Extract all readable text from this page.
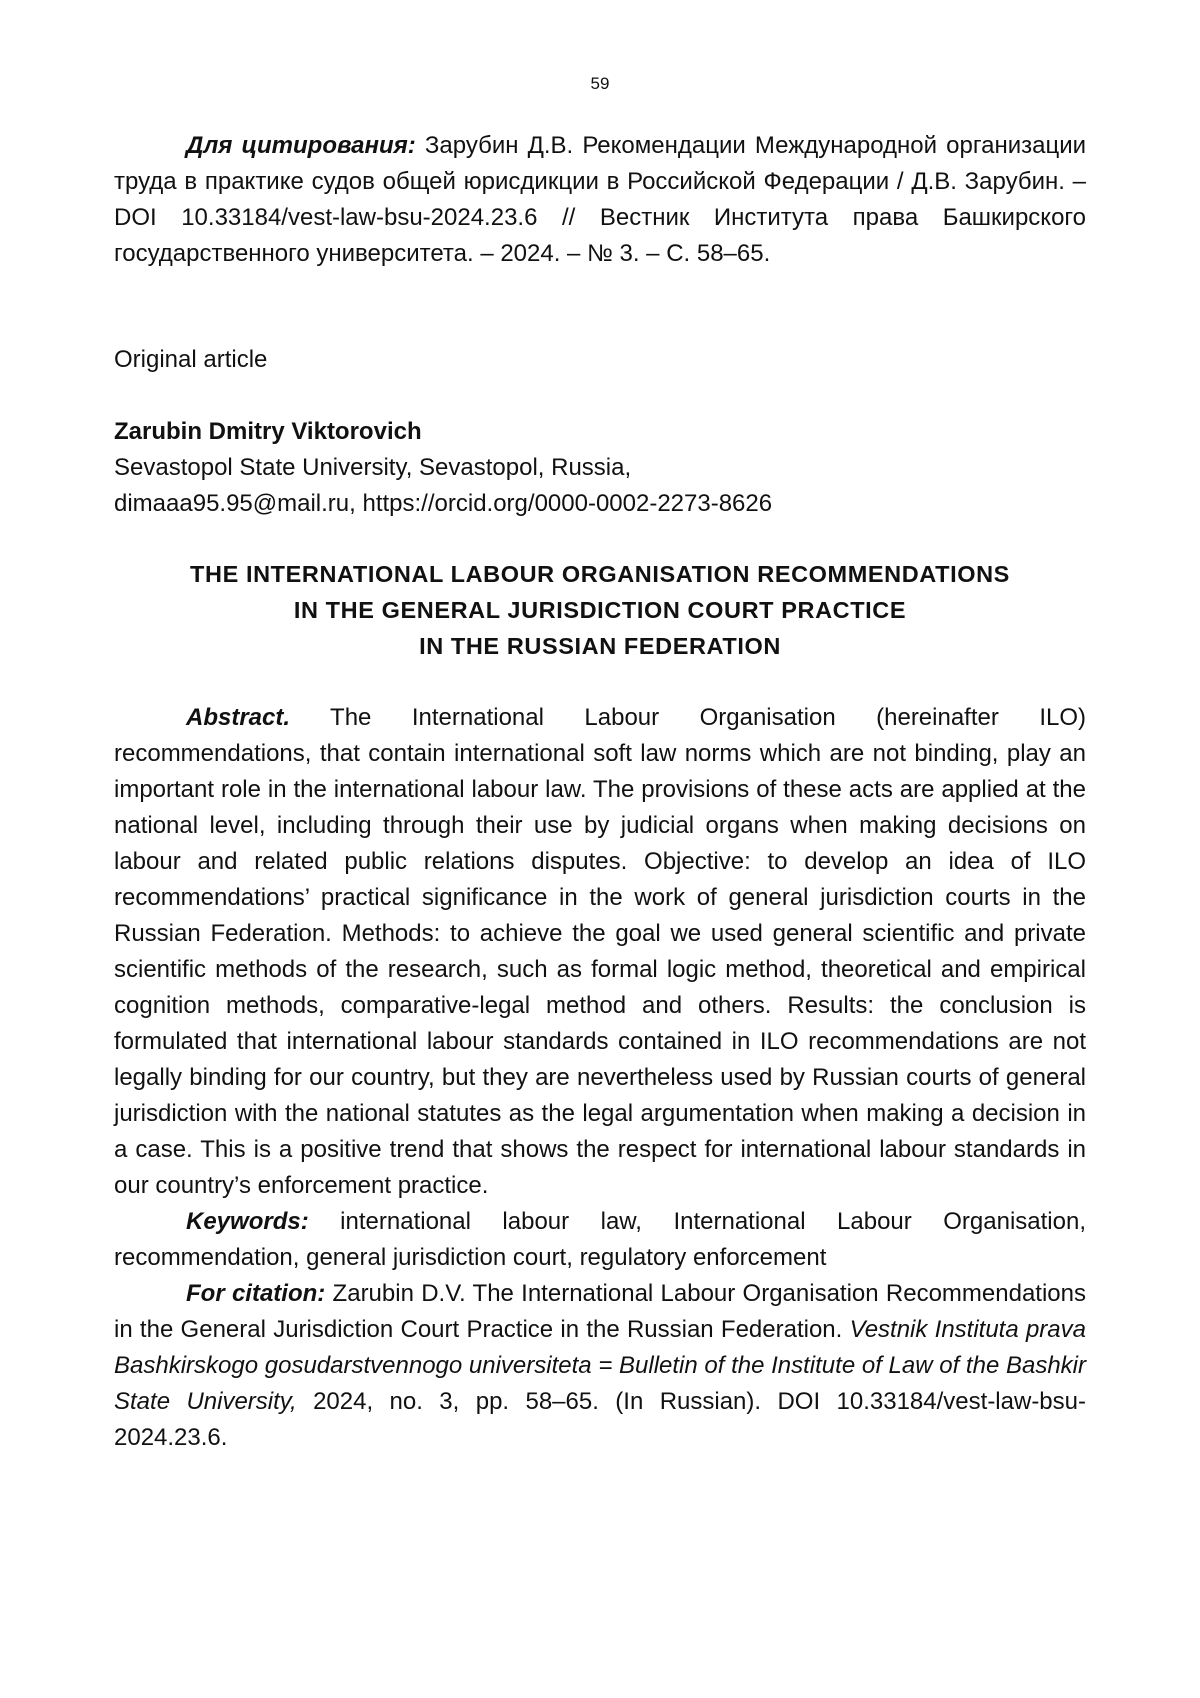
59

Для цитирования: Зарубин Д.В. Рекомендации Международной организации труда в практике судов общей юрисдикции в Российской Федерации / Д.В. Зарубин. – DOI 10.33184/vest-law-bsu-2024.23.6 // Вестник Института права Башкирского государственного университета. – 2024. – № 3. – С. 58–65.

Original article

Zarubin Dmitry Viktorovich

Sevastopol State University, Sevastopol, Russia,

dimaaa95.95@mail.ru, https://orcid.org/0000-0002-2273-8626

THE INTERNATIONAL LABOUR ORGANISATION RECOMMENDATIONS
IN THE GENERAL JURISDICTION COURT PRACTICE
IN THE RUSSIAN FEDERATION

Abstract. The International Labour Organisation (hereinafter ILO) recommendations, that contain international soft law norms which are not binding, play an important role in the international labour law. The provisions of these acts are applied at the national level, including through their use by judicial organs when making decisions on labour and related public relations disputes. Objective: to develop an idea of ILO recommendations’ practical significance in the work of general jurisdiction courts in the Russian Federation. Methods: to achieve the goal we used general scientific and private scientific methods of the research, such as formal logic method, theoretical and empirical cognition methods, comparative-legal method and others. Results: the conclusion is formulated that international labour standards contained in ILO recommendations are not legally binding for our country, but they are nevertheless used by Russian courts of general jurisdiction with the national statutes as the legal argumentation when making a decision in a case. This is a positive trend that shows the respect for international labour standards in our country’s enforcement practice.

Keywords: international labour law, International Labour Organisation, recommendation, general jurisdiction court, regulatory enforcement

For citation: Zarubin D.V. The International Labour Organisation Recommendations in the General Jurisdiction Court Practice in the Russian Federation. Vestnik Instituta prava Bashkirskogo gosudarstvennogo universiteta = Bulletin of the Institute of Law of the Bashkir State University, 2024, no. 3, pp. 58–65. (In Russian). DOI 10.33184/vest-law-bsu-2024.23.6.
